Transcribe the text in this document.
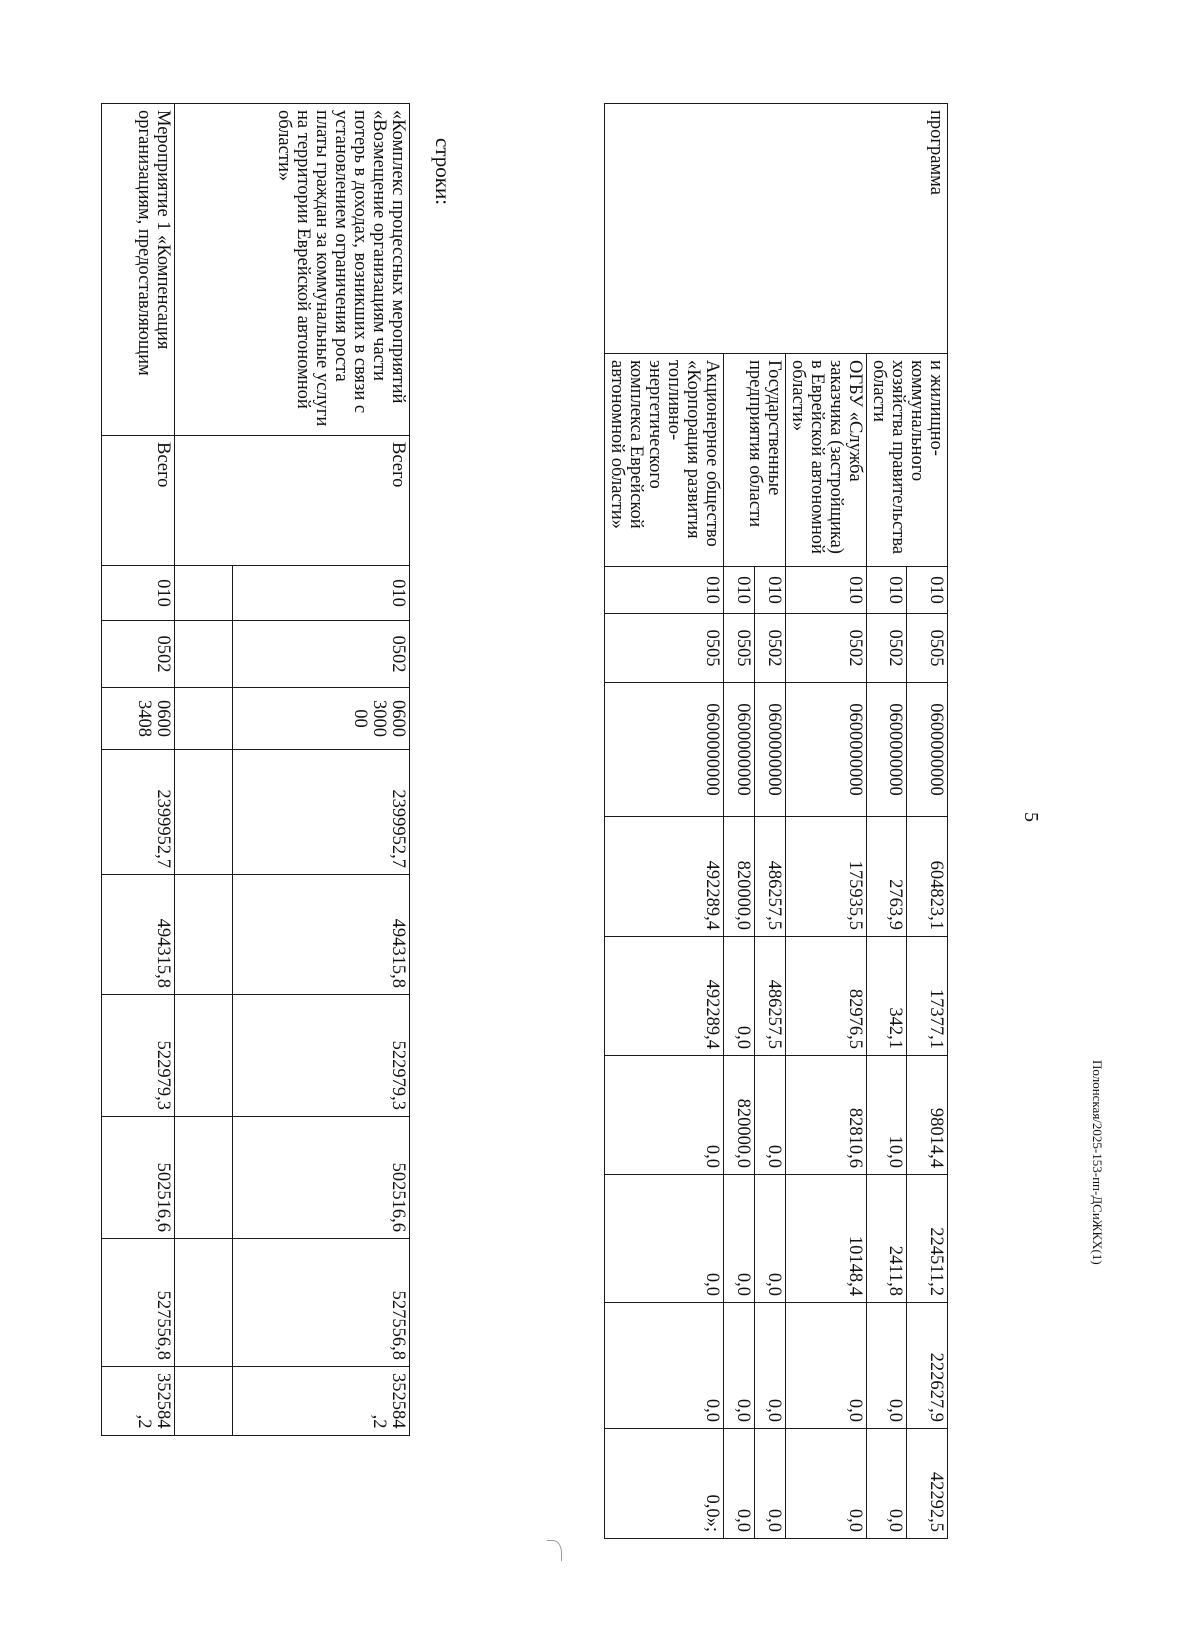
5
Полонская/2025-153-пп-ДСиЖКХ(1)
программа	и жилищно-коммунального хозяйства правительства области	010	0505	0600000000	604823,1	17377,1	98014,4	224511,2	222627,9	42292,5
		010	0502	0600000000	2763,9	342,1	10,0	2411,8	0,0	0,0
	ОГБУ «Служба заказчика (застройщика) в Еврейской автономной области»	010	0502	0600000000	175935,5	82976,5	82810,6	10148,4	0,0	0,0
	Государственные предприятия области	010	0502	0600000000	486257,5	486257,5	0,0	0,0	0,0	0,0
		010	0505	0600000000	820000,0	0,0	820000,0	0,0	0,0	0,0
	Акционерное общество «Корпорация развития топливно-энергетического комплекса Еврейской автономной области»	010	0505	0600000000	492289,4	492289,4	0,0	0,0	0,0	0,0»;
строки:
«Комплекс процессных мероприятий «Возмещение организациям части потерь в доходах, возникших в связи с установлением ограничения роста платы граждан за коммунальные услуги на территории Еврейской автономной области»	Всего	010	0502	0600 3000 00	2399952,7	494315,8	522979,3	502516,6	527556,8	352584 ,2

Мероприятие 1 «Компенсация организациям, предоставляющим	Всего	010	0502	0600 3408	2399952,7	494315,8	522979,3	502516,6	527556,8	352584 ,2
